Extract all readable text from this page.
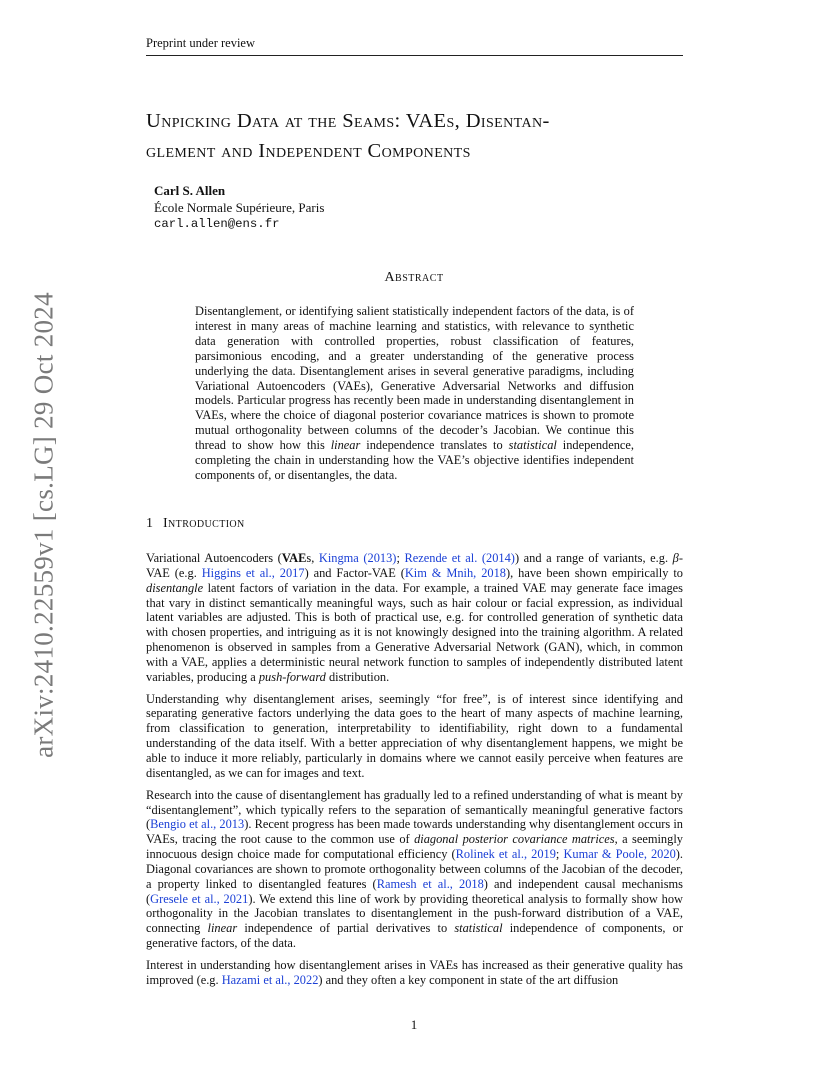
Preprint under review
arXiv:2410.22559v1 [cs.LG] 29 Oct 2024
Unpicking Data at the Seams: VAEs, Disentan-
glement and Independent Components
Carl S. Allen
École Normale Supérieure, Paris
carl.allen@ens.fr
Abstract
Disentanglement, or identifying salient statistically independent factors of the data, is of interest in many areas of machine learning and statistics, with relevance to synthetic data generation with controlled properties, robust classification of features, parsimonious encoding, and a greater understanding of the generative process underlying the data. Disentanglement arises in several generative paradigms, including Variational Autoencoders (VAEs), Generative Adversarial Networks and diffusion models. Particular progress has recently been made in understanding disentanglement in VAEs, where the choice of diagonal posterior covariance matrices is shown to promote mutual orthogonality between columns of the decoder’s Jacobian. We continue this thread to show how this linear independence translates to statistical independence, completing the chain in understanding how the VAE’s objective identifies independent components of, or disentangles, the data.
1 Introduction

Variational Autoencoders (VAEs, Kingma (2013); Rezende et al. (2014)) and a range of variants, e.g. β-VAE (e.g. Higgins et al., 2017) and Factor-VAE (Kim & Mnih, 2018), have been shown empirically to disentangle latent factors of variation in the data. For example, a trained VAE may generate face images that vary in distinct semantically meaningful ways, such as hair colour or facial expression, as individual latent variables are adjusted. This is both of practical use, e.g. for controlled generation of synthetic data with chosen properties, and intriguing as it is not knowingly designed into the training algorithm. A related phenomenon is observed in samples from a Generative Adversarial Network (GAN), which, in common with a VAE, applies a deterministic neural network function to samples of independently distributed latent variables, producing a push-forward distribution.

Understanding why disentanglement arises, seemingly “for free”, is of interest since identifying and separating generative factors underlying the data goes to the heart of many aspects of machine learning, from classification to generation, interpretability to identifiability, right down to a fundamental understanding of the data itself. With a better appreciation of why disentanglement happens, we might be able to induce it more reliably, particularly in domains where we cannot easily perceive when features are disentangled, as we can for images and text.

Research into the cause of disentanglement has gradually led to a refined understanding of what is meant by “disentanglement”, which typically refers to the separation of semantically meaningful generative factors (Bengio et al., 2013). Recent progress has been made towards understanding why disentanglement occurs in VAEs, tracing the root cause to the common use of diagonal posterior covariance matrices, a seemingly innocuous design choice made for computational efficiency (Rolinek et al., 2019; Kumar & Poole, 2020). Diagonal covariances are shown to promote orthogonality between columns of the Jacobian of the decoder, a property linked to disentangled features (Ramesh et al., 2018) and independent causal mechanisms (Gresele et al., 2021). We extend this line of work by providing theoretical analysis to formally show how orthogonality in the Jacobian translates to disentanglement in the push-forward distribution of a VAE, connecting linear independence of partial derivatives to statistical independence of components, or generative factors, of the data.

Interest in understanding how disentanglement arises in VAEs has increased as their generative quality has improved (e.g. Hazami et al., 2022) and they often a key component in state of the art diffusion

1
